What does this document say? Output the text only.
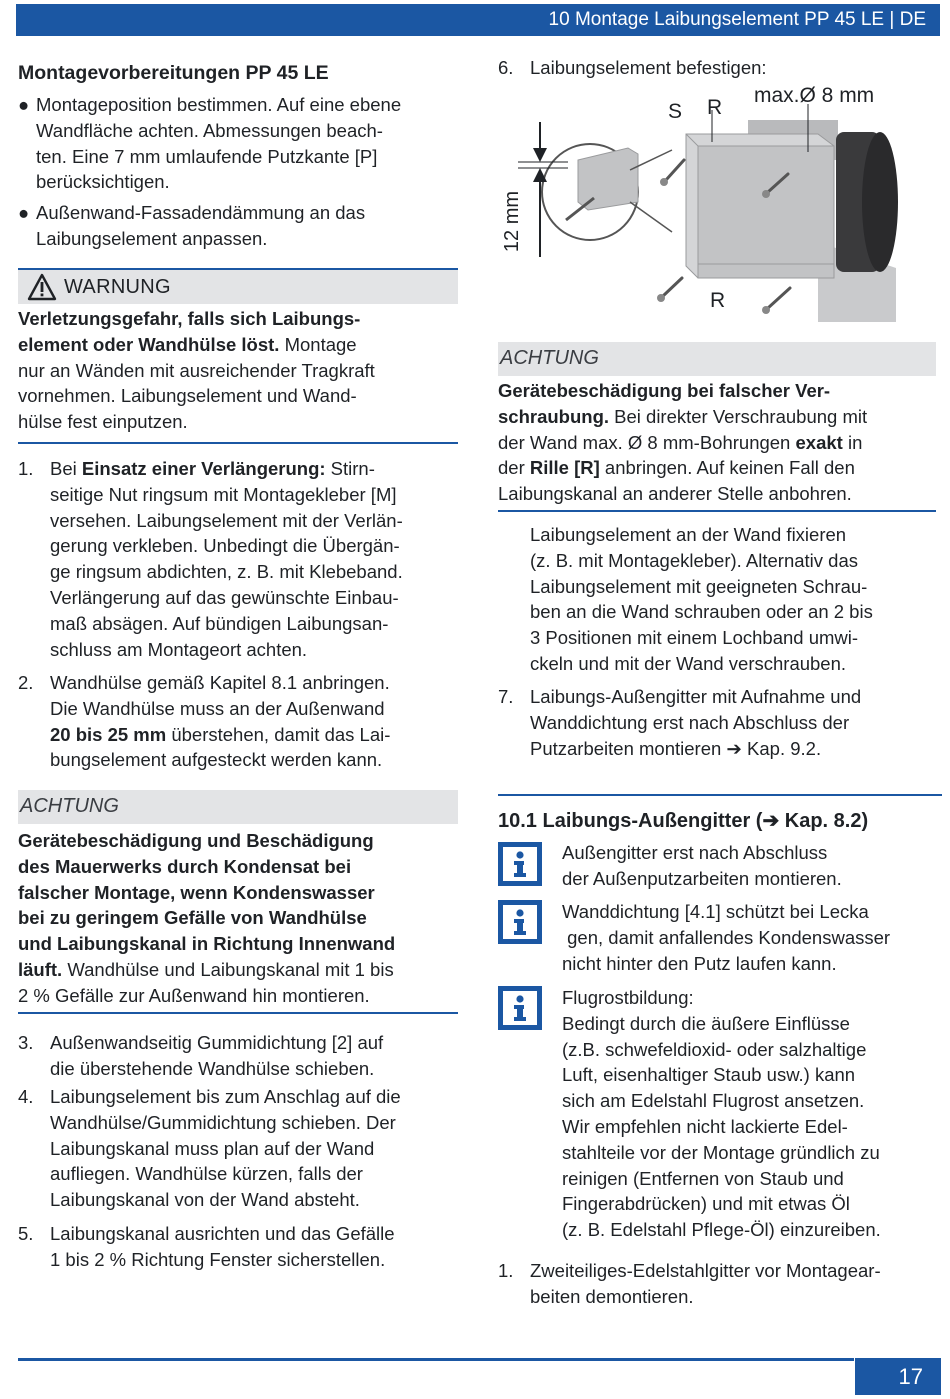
10 Montage Laibungselement PP 45 LE | DE
Montagevorbereitungen PP 45 LE
● Montageposition bestimmen. Auf eine ebene
Wandfläche achten. Abmessungen beach-
ten. Eine 7 mm umlaufende Putzkante [P]
berücksichtigen.
● Außenwand-Fassadendämmung an das
Laibungselement anpassen.
WARNUNG
Verletzungsgefahr, falls sich Laibungs-
element oder Wandhülse löst. Montage
nur an Wänden mit ausreichender Tragkraft
vornehmen. Laibungselement und Wand-
hülse fest einputzen.
1. Bei Einsatz einer Verlängerung: Stirn-
seitige Nut ringsum mit Montagekleber [M]
versehen. Laibungselement mit der Verlän-
gerung verkleben. Unbedingt die Übergän-
ge ringsum abdichten, z. B. mit Klebeband.
Verlängerung auf das gewünschte Einbau-
maß absägen. Auf bündigen Laibungsan-
schluss am Montageort achten.
2. Wandhülse gemäß Kapitel 8.1 anbringen.
Die Wandhülse muss an der Außenwand
20 bis 25 mm überstehen, damit das Lai-
bungselement aufgesteckt werden kann.
ACHTUNG
Gerätebeschädigung und Beschädigung
des Mauerwerks durch Kondensat bei
falscher Montage, wenn Kondenswasser
bei zu geringem Gefälle von Wandhülse
und Laibungskanal in Richtung Innenwand
läuft. Wandhülse und Laibungskanal mit 1 bis
2 % Gefälle zur Außenwand hin montieren.
3. Außenwandseitig Gummidichtung [2] auf
die überstehende Wandhülse schieben.
4. Laibungselement bis zum Anschlag auf die
Wandhülse/Gummidichtung schieben. Der
Laibungskanal muss plan auf der Wand
aufliegen. Wandhülse kürzen, falls der
Laibungskanal von der Wand absteht.
5. Laibungskanal ausrichten und das Gefälle
1 bis 2 % Richtung Fenster sicherstellen.
6. Laibungselement befestigen:
S R
max.Ø 8 mm
R
12 mm
ACHTUNG
Gerätebeschädigung bei falscher Ver-
schraubung. Bei direkter Verschraubung mit
der Wand max. Ø 8 mm-Bohrungen exakt in
der Rille [R] anbringen. Auf keinen Fall den
Laibungskanal an anderer Stelle anbohren.
Laibungselement an der Wand fixieren
(z. B. mit Montagekleber). Alternativ das
Laibungselement mit geeigneten Schrau-
ben an die Wand schrauben oder an 2 bis
3 Positionen mit einem Lochband umwi-
ckeln und mit der Wand verschrauben.
7. Laibungs-Außengitter mit Aufnahme und
Wanddichtung erst nach Abschluss der
Putzarbeiten montieren ➔ Kap. 9.2.
10.1 Laibungs-Außengitter (➔ Kap. 8.2)
Außengitter erst nach Abschluss
der Außenputzarbeiten montieren.
Wanddichtung [4.1] schützt bei Lecka
gen, damit anfallendes Kondenswasser
nicht hinter den Putz laufen kann.
Flugrostbildung:
Bedingt durch die äußere Einflüsse
(z.B. schwefeldioxid- oder salzhaltige
Luft, eisenhaltiger Staub usw.) kann
sich am Edelstahl Flugrost ansetzen.
Wir empfehlen nicht lackierte Edel-
stahlteile vor der Montage gründlich zu
reinigen (Entfernen von Staub und
Fingerabdrücken) und mit etwas Öl
(z. B. Edelstahl Pflege-Öl) einzureiben.
1. Zweiteiliges-Edelstahlgitter vor Montagear-
beiten demontieren.
17
